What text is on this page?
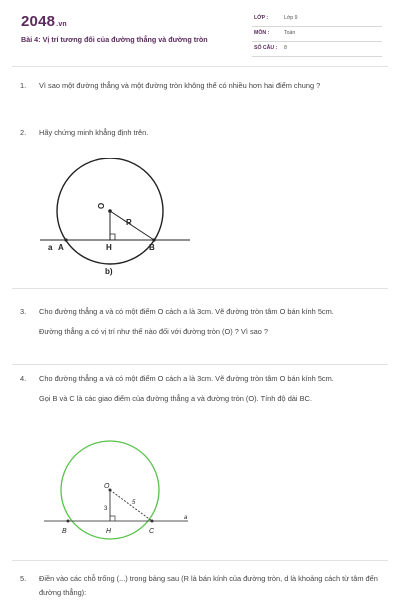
2048.vn
Bài 4: Vị trí tương đối của đường thẳng và đường tròn
LỚP :	Lớp 9
MÔN :	Toán
SỐ CÂU : 8
1. Vì sao một đường thẳng và một đường tròn không thể có nhiều hơn hai điểm chung ?
2. Hãy chứng minh khẳng định trên.
O
R
a A	H	B
b)
3. Cho đường thẳng a và có một điểm O cách a là 3cm. Vẽ đường tròn tâm O bán kính 5cm.
Đường thẳng a có vị trí như thế nào đối với đường tròn (O) ? Vì sao ?
4. Cho đường thẳng a và có một điểm O cách a là 3cm. Vẽ đường tròn tâm O bán kính 5cm.
Gọi B và C là các giao điểm của đường thẳng a và đường tròn (O). Tính độ dài BC.
O
5
3
B	H	C
a
5. Điền vào các chỗ trống (...) trong bảng sau (R là bán kính của đường tròn, d là khoảng cách từ tâm đến đường thẳng):
